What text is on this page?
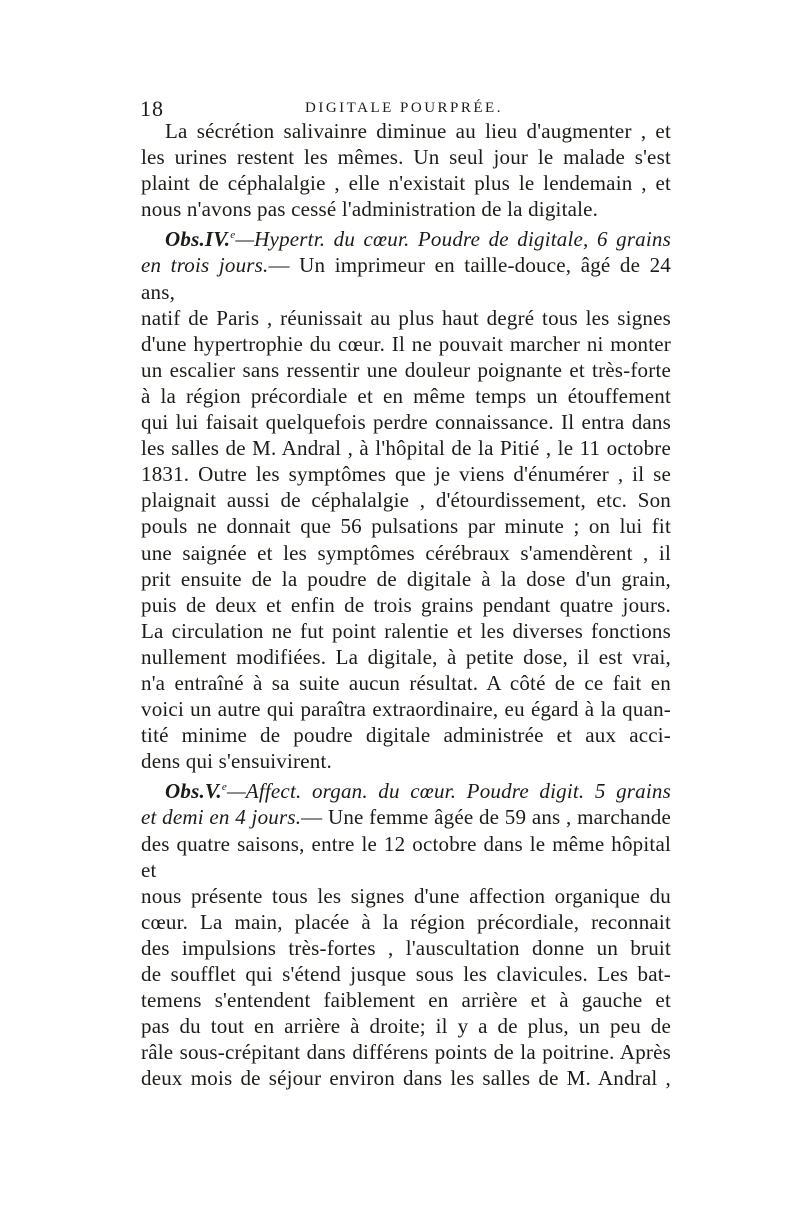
18	DIGITALE POURPRÉE.

La sécrétion salivainre diminue au lieu d'augmenter , et

les urines restent les mêmes. Un seul jour le malade s'est

plaint de céphalalgie , elle n'existait plus le lendemain , et

nous n'avons pas cessé l'administration de la digitale.

Obs.IV.$^e$—Hypertr. du cœur. Poudre de digitale, 6 grains

en trois jours.— Un imprimeur en taille-douce, âgé de 24 ans,

natif de Paris , réunissait au plus haut degré tous les signes

d'une hypertrophie du cœur. Il ne pouvait marcher ni monter

un escalier sans ressentir une douleur poignante et très-forte

à la région précordiale et en même temps un étouffement

qui lui faisait quelquefois perdre connaissance. Il entra dans

les salles de M. Andral , à l'hôpital de la Pitié , le 11 octobre

1831. Outre les symptômes que je viens d'énumérer , il se

plaignait aussi de céphalalgie , d'étourdissement, etc. Son

pouls ne donnait que 56 pulsations par minute ; on lui fit

une saignée et les symptômes cérébraux s'amendèrent , il

prit ensuite de la poudre de digitale à la dose d'un grain,

puis de deux et enfin de trois grains pendant quatre jours.

La circulation ne fut point ralentie et les diverses fonctions

nullement modifiées. La digitale, à petite dose, il est vrai,

n'a entraîné à sa suite aucun résultat. A côté de ce fait en

voici un autre qui paraîtra extraordinaire, eu égard à la quan-

tité minime de poudre digitale administrée et aux acci-

dens qui s'ensuivirent.

Obs.V.$^e$—Affect. organ. du cœur. Poudre digit. 5 grains

et demi en 4 jours.— Une femme âgée de 59 ans , marchande

des quatre saisons, entre le 12 octobre dans le même hôpital et

nous présente tous les signes d'une affection organique du

cœur. La main, placée à la région précordiale, reconnait

des impulsions très-fortes , l'auscultation donne un bruit

de soufflet qui s'étend jusque sous les clavicules. Les bat-

temens s'entendent faiblement en arrière et à gauche et

pas du tout en arrière à droite; il y a de plus, un peu de

râle sous-crépitant dans différens points de la poitrine. Après

deux mois de séjour environ dans les salles de M. Andral ,
